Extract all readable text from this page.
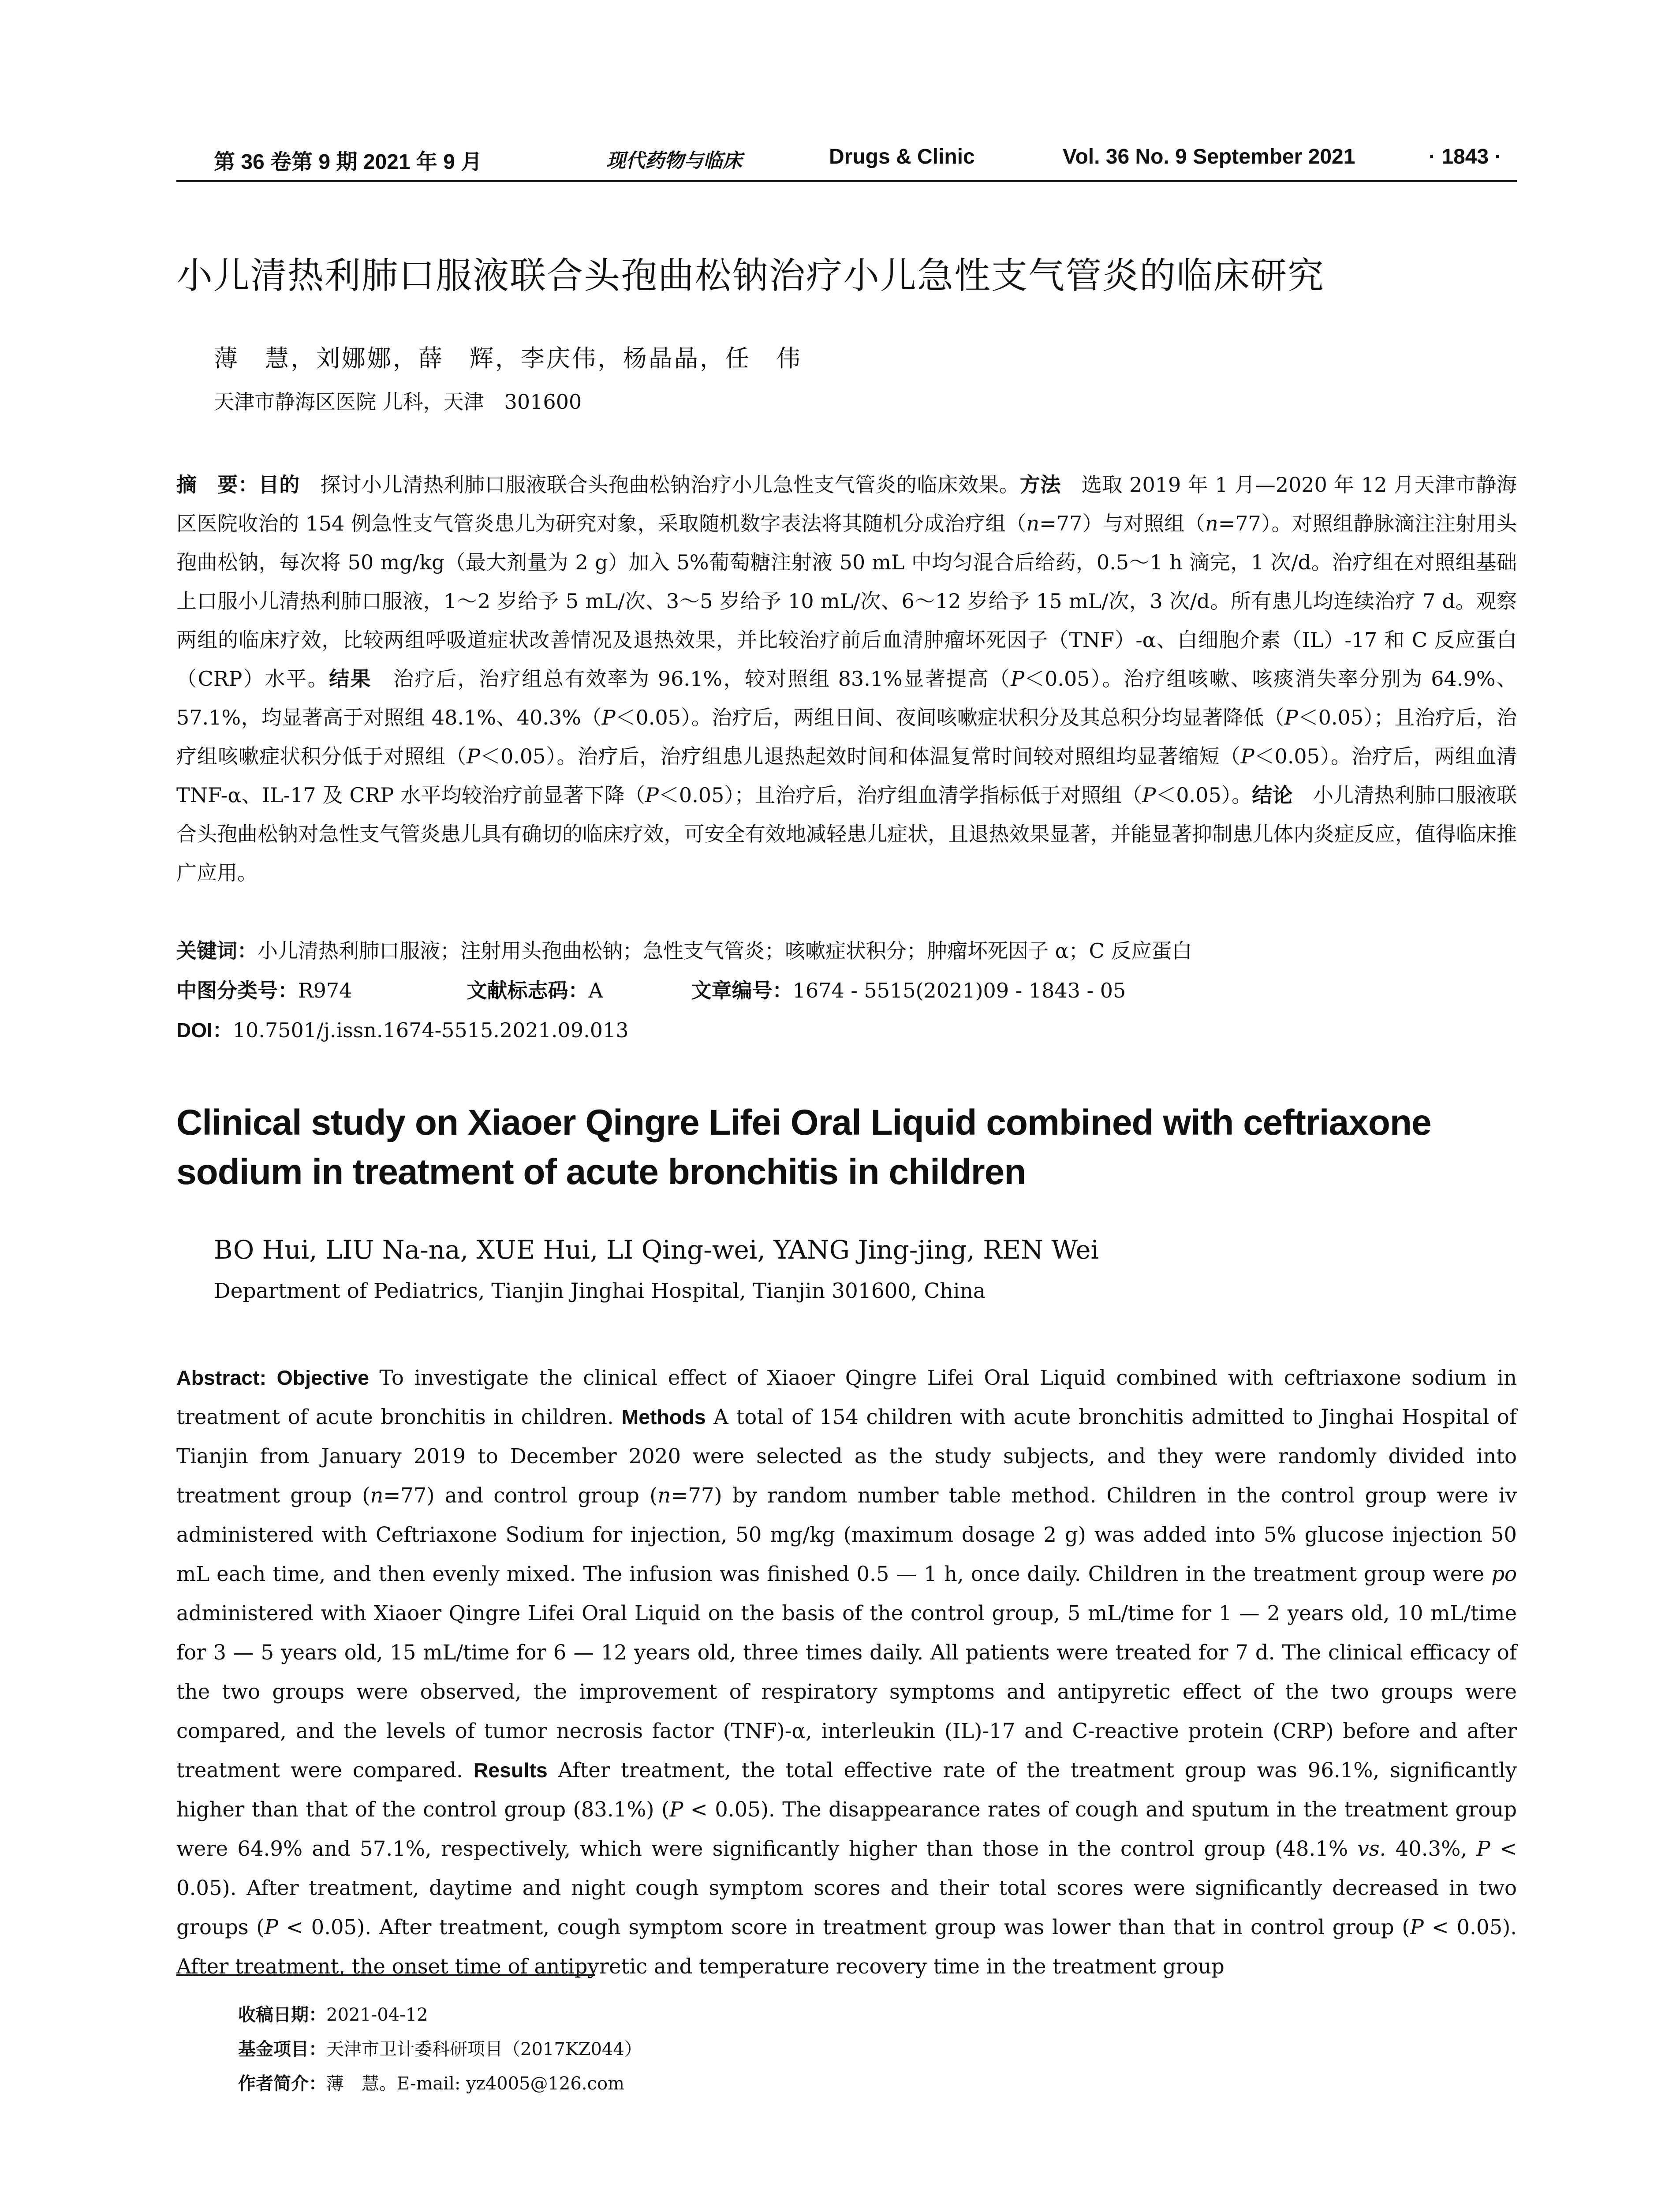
第 36 卷第 9 期 2021 年 9 月	现代药物与临床	Drugs & Clinic	Vol. 36 No. 9 September 2021	· 1843 ·
小儿清热利肺口服液联合头孢曲松钠治疗小儿急性支气管炎的临床研究
薄　慧，刘娜娜，薛　辉，李庆伟，杨晶晶，任　伟
天津市静海区医院 儿科，天津　301600
摘　要：目的　探讨小儿清热利肺口服液联合头孢曲松钠治疗小儿急性支气管炎的临床效果。方法　选取 2019 年 1 月—2020 年 12 月天津市静海区医院收治的 154 例急性支气管炎患儿为研究对象，采取随机数字表法将其随机分成治疗组（n=77）与对照组（n=77）。对照组静脉滴注注射用头孢曲松钠，每次将 50 mg/kg（最大剂量为 2 g）加入 5%葡萄糖注射液 50 mL 中均匀混合后给药，0.5～1 h 滴完，1 次/d。治疗组在对照组基础上口服小儿清热利肺口服液，1～2 岁给予 5 mL/次、3～5 岁给予 10 mL/次、6～12 岁给予 15 mL/次，3 次/d。所有患儿均连续治疗 7 d。观察两组的临床疗效，比较两组呼吸道症状改善情况及退热效果，并比较治疗前后血清肿瘤坏死因子（TNF）-α、白细胞介素（IL）-17 和 C 反应蛋白（CRP）水平。结果　治疗后，治疗组总有效率为 96.1%，较对照组 83.1%显著提高（P＜0.05）。治疗组咳嗽、咳痰消失率分别为 64.9%、57.1%，均显著高于对照组 48.1%、40.3%（P＜0.05）。治疗后，两组日间、夜间咳嗽症状积分及其总积分均显著降低（P＜0.05）；且治疗后，治疗组咳嗽症状积分低于对照组（P＜0.05）。治疗后，治疗组患儿退热起效时间和体温复常时间较对照组均显著缩短（P＜0.05）。治疗后，两组血清 TNF-α、IL-17 及 CRP 水平均较治疗前显著下降（P＜0.05）；且治疗后，治疗组血清学指标低于对照组（P＜0.05）。结论　小儿清热利肺口服液联合头孢曲松钠对急性支气管炎患儿具有确切的临床疗效，可安全有效地减轻患儿症状，且退热效果显著，并能显著抑制患儿体内炎症反应，值得临床推广应用。
关键词：小儿清热利肺口服液；注射用头孢曲松钠；急性支气管炎；咳嗽症状积分；肿瘤坏死因子 α；C 反应蛋白
中图分类号：R974	文献标志码：A	文章编号：1674 - 5515(2021)09 - 1843 - 05
DOI：10.7501/j.issn.1674-5515.2021.09.013
Clinical study on Xiaoer Qingre Lifei Oral Liquid combined with ceftriaxone sodium in treatment of acute bronchitis in children
BO Hui, LIU Na-na, XUE Hui, LI Qing-wei, YANG Jing-jing, REN Wei
Department of Pediatrics, Tianjin Jinghai Hospital, Tianjin 301600, China
Abstract: Objective To investigate the clinical effect of Xiaoer Qingre Lifei Oral Liquid combined with ceftriaxone sodium in treatment of acute bronchitis in children. Methods A total of 154 children with acute bronchitis admitted to Jinghai Hospital of Tianjin from January 2019 to December 2020 were selected as the study subjects, and they were randomly divided into treatment group (n=77) and control group (n=77) by random number table method. Children in the control group were iv administered with Ceftriaxone Sodium for injection, 50 mg/kg (maximum dosage 2 g) was added into 5% glucose injection 50 mL each time, and then evenly mixed. The infusion was finished 0.5 — 1 h, once daily. Children in the treatment group were po administered with Xiaoer Qingre Lifei Oral Liquid on the basis of the control group, 5 mL/time for 1 — 2 years old, 10 mL/time for 3 — 5 years old, 15 mL/time for 6 — 12 years old, three times daily. All patients were treated for 7 d. The clinical efficacy of the two groups were observed, the improvement of respiratory symptoms and antipyretic effect of the two groups were compared, and the levels of tumor necrosis factor (TNF)-α, interleukin (IL)-17 and C-reactive protein (CRP) before and after treatment were compared. Results After treatment, the total effective rate of the treatment group was 96.1%, significantly higher than that of the control group (83.1%) (P < 0.05). The disappearance rates of cough and sputum in the treatment group were 64.9% and 57.1%, respectively, which were significantly higher than those in the control group (48.1% vs. 40.3%, P < 0.05). After treatment, daytime and night cough symptom scores and their total scores were significantly decreased in two groups (P < 0.05). After treatment, cough symptom score in treatment group was lower than that in control group (P < 0.05). After treatment, the onset time of antipyretic and temperature recovery time in the treatment group
收稿日期：2021-04-12
基金项目：天津市卫计委科研项目（2017KZ044）
作者简介：薄　慧。E-mail: yz4005@126.com
